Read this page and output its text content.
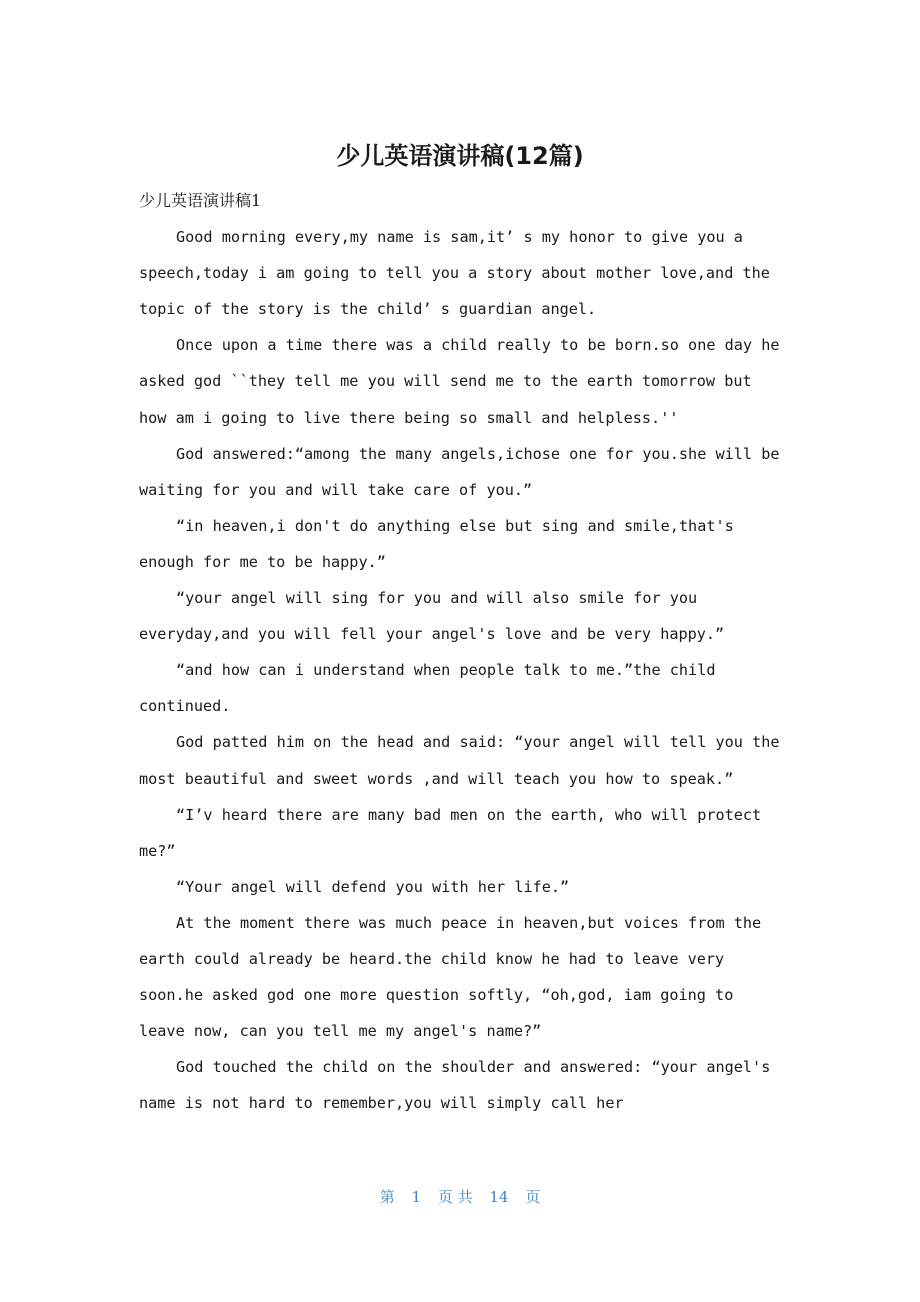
少儿英语演讲稿(12篇)

少儿英语演讲稿1

Good morning every,my name is sam,it’ s my honor to give you a speech,today i am going to tell you a story about mother love,and the topic of the story is the child’ s guardian angel.

Once upon a time there was a child really to be born.so one day he asked god ``they tell me you will send me to the earth tomorrow but how am i going to live there being so small and helpless.''

God answered:“among the many angels,ichose one for you.she will be waiting for you and will take care of you.”

“in heaven,i don't do anything else but sing and smile,that's enough for me to be happy.”

“your angel will sing for you and will also smile for you everyday,and you will fell your angel's love and be very happy.”

“and how can i understand when people talk to me.”the child continued.

God patted him on the head and said: “your angel will tell you the most beautiful and sweet words ,and will teach you how to speak.”

“I’v heard there are many bad men on the earth, who will protect me?”

“Your angel will defend you with her life.”

At the moment there was much peace in heaven,but voices from the earth could already be heard.the child know he had to leave very soon.he asked god one more question softly, “oh,god, iam going to leave now, can you tell me my angel's name?”

God touched the child on the shoulder and answered: “your angel's name is not hard to remember,you will simply call her

第 1 页 共 14 页
